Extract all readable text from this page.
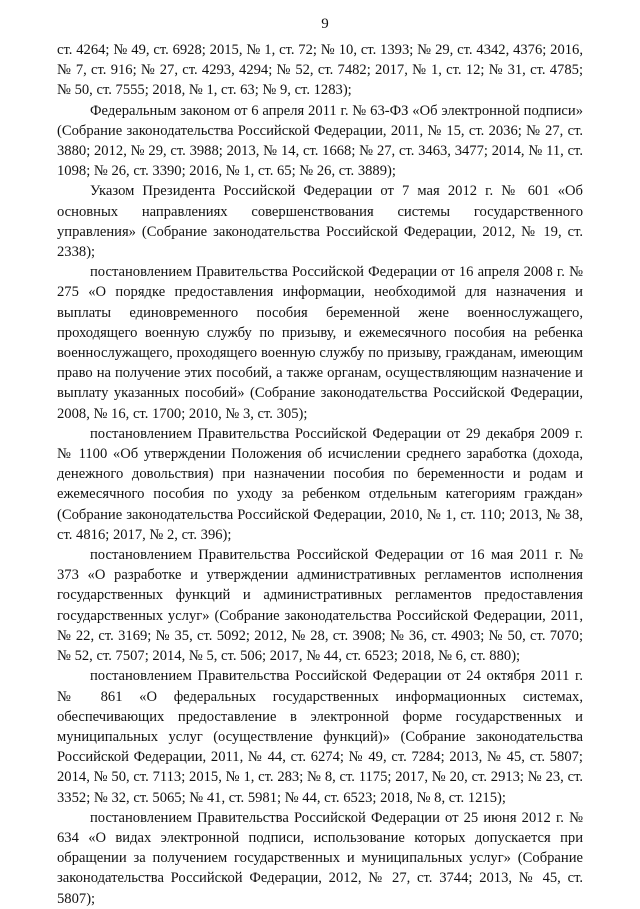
9

ст. 4264; № 49, ст. 6928; 2015, № 1, ст. 72; № 10, ст. 1393; № 29, ст. 4342, 4376; 2016, № 7, ст. 916; № 27, ст. 4293, 4294; № 52, ст. 7482; 2017, № 1, ст. 12; № 31, ст. 4785; № 50, ст. 7555; 2018, № 1, ст. 63; № 9, ст. 1283);

Федеральным законом от 6 апреля 2011 г. № 63-ФЗ «Об электронной подписи» (Собрание законодательства Российской Федерации, 2011, № 15, ст. 2036; № 27, ст. 3880; 2012, № 29, ст. 3988; 2013, № 14, ст. 1668; № 27, ст. 3463, 3477; 2014, № 11, ст. 1098; № 26, ст. 3390; 2016, № 1, ст. 65; № 26, ст. 3889);

Указом Президента Российской Федерации от 7 мая 2012 г. № 601 «Об основных направлениях совершенствования системы государственного управления» (Собрание законодательства Российской Федерации, 2012, № 19, ст. 2338);

постановлением Правительства Российской Федерации от 16 апреля 2008 г. № 275 «О порядке предоставления информации, необходимой для назначения и выплаты единовременного пособия беременной жене военнослужащего, проходящего военную службу по призыву, и ежемесячного пособия на ребенка военнослужащего, проходящего военную службу по призыву, гражданам, имеющим право на получение этих пособий, а также органам, осуществляющим назначение и выплату указанных пособий» (Собрание законодательства Российской Федерации, 2008, № 16, ст. 1700; 2010, № 3, ст. 305);

постановлением Правительства Российской Федерации от 29 декабря 2009 г. № 1100 «Об утверждении Положения об исчислении среднего заработка (дохода, денежного довольствия) при назначении пособия по беременности и родам и ежемесячного пособия по уходу за ребенком отдельным категориям граждан» (Собрание законодательства Российской Федерации, 2010, № 1, ст. 110; 2013, № 38, ст. 4816; 2017, № 2, ст. 396);

постановлением Правительства Российской Федерации от 16 мая 2011 г. № 373 «О разработке и утверждении административных регламентов исполнения государственных функций и административных регламентов предоставления государственных услуг» (Собрание законодательства Российской Федерации, 2011, № 22, ст. 3169; № 35, ст. 5092; 2012, № 28, ст. 3908; № 36, ст. 4903; № 50, ст. 7070; № 52, ст. 7507; 2014, № 5, ст. 506; 2017, № 44, ст. 6523; 2018, № 6, ст. 880);

постановлением Правительства Российской Федерации от 24 октября 2011 г. № 861 «О федеральных государственных информационных системах, обеспечивающих предоставление в электронной форме государственных и муниципальных услуг (осуществление функций)» (Собрание законодательства Российской Федерации, 2011, № 44, ст. 6274; № 49, ст. 7284; 2013, № 45, ст. 5807; 2014, № 50, ст. 7113; 2015, № 1, ст. 283; № 8, ст. 1175; 2017, № 20, ст. 2913; № 23, ст. 3352; № 32, ст. 5065; № 41, ст. 5981; № 44, ст. 6523; 2018, № 8, ст. 1215);

постановлением Правительства Российской Федерации от 25 июня 2012 г. № 634 «О видах электронной подписи, использование которых допускается при обращении за получением государственных и муниципальных услуг» (Собрание законодательства Российской Федерации, 2012, № 27, ст. 3744; 2013, № 45, ст. 5807);
